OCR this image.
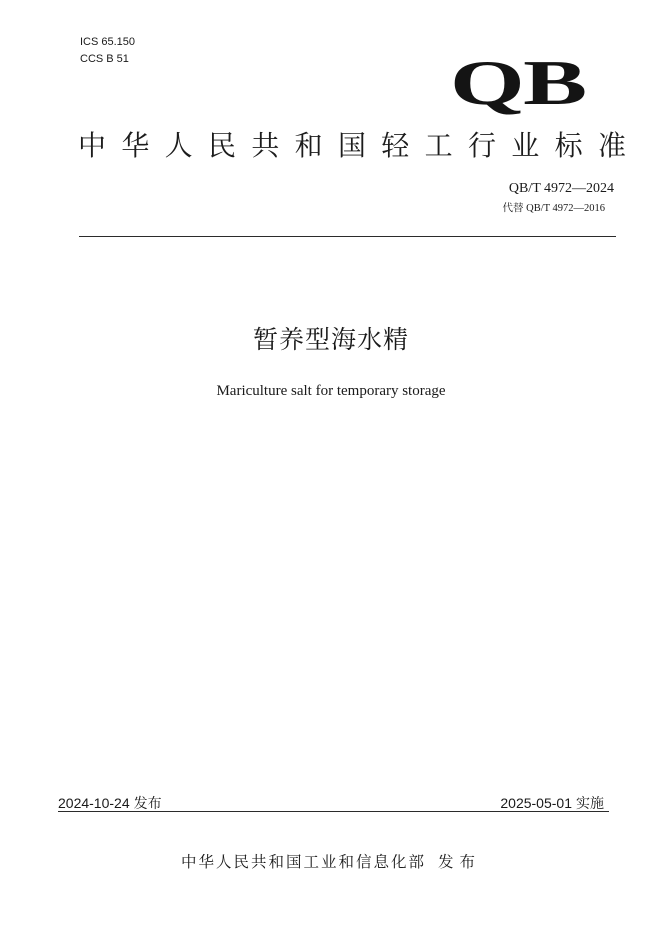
ICS 65.150
CCS B 51	QB
中 华 人 民 共 和 国 轻 工 行 业 标 准
QB/T 4972—2024
代替 QB/T 4972—2016
暂养型海水精
Mariculture salt for temporary storage
2024-10-24 发布	2025-05-01 实施
中华人民共和国工业和信息化部 发布
